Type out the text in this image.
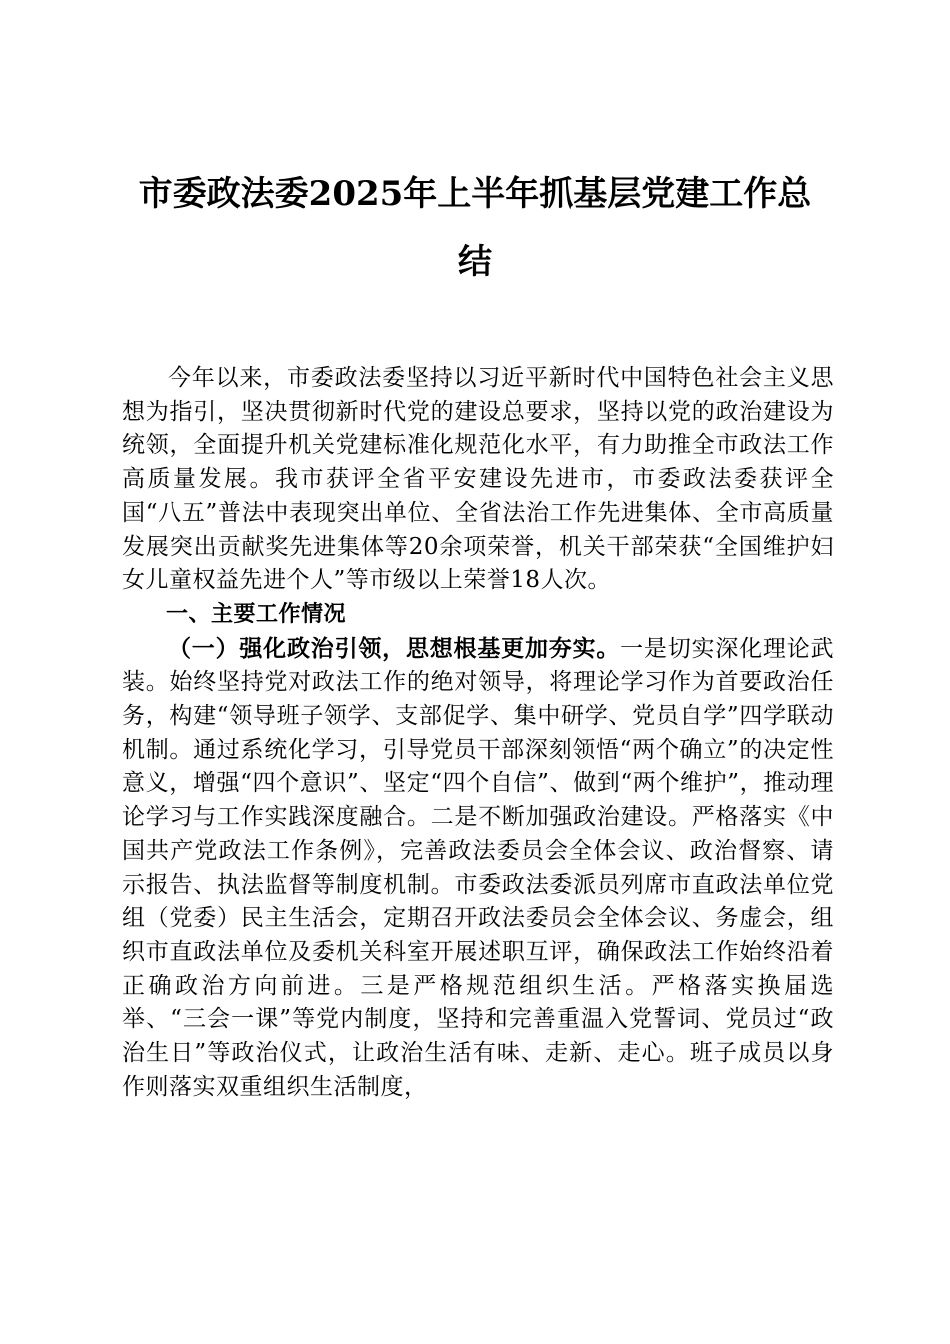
市委政法委2025年上半年抓基层党建工作总
结

今年以来，市委政法委坚持以习近平新时代中国特色社会主义思想为指引，坚决贯彻新时代党的建设总要求，坚持以党的政治建设为统领，全面提升机关党建标准化规范化水平，有力助推全市政法工作高质量发展。我市获评全省平安建设先进市，市委政法委获评全国“八五”普法中表现突出单位、全省法治工作先进集体、全市高质量发展突出贡献奖先进集体等20余项荣誉，机关干部荣获“全国维护妇女儿童权益先进个人”等市级以上荣誉18人次。

一、主要工作情况

（一）强化政治引领，思想根基更加夯实。一是切实深化理论武装。始终坚持党对政法工作的绝对领导，将理论学习作为首要政治任务，构建“领导班子领学、支部促学、集中研学、党员自学”四学联动机制。通过系统化学习，引导党员干部深刻领悟“两个确立”的决定性意义，增强“四个意识”、坚定“四个自信”、做到“两个维护”，推动理论学习与工作实践深度融合。二是不断加强政治建设。严格落实《中国共产党政法工作条例》，完善政法委员会全体会议、政治督察、请示报告、执法监督等制度机制。市委政法委派员列席市直政法单位党组（党委）民主生活会，定期召开政法委员会全体会议、务虚会，组织市直政法单位及委机关科室开展述职互评，确保政法工作始终沿着正确政治方向前进。三是严格规范组织生活。严格落实换届选举、“三会一课”等党内制度，坚持和完善重温入党誓词、党员过“政治生日”等政治仪式，让政治生活有味、走新、走心。班子成员以身作则落实双重组织生活制度，
